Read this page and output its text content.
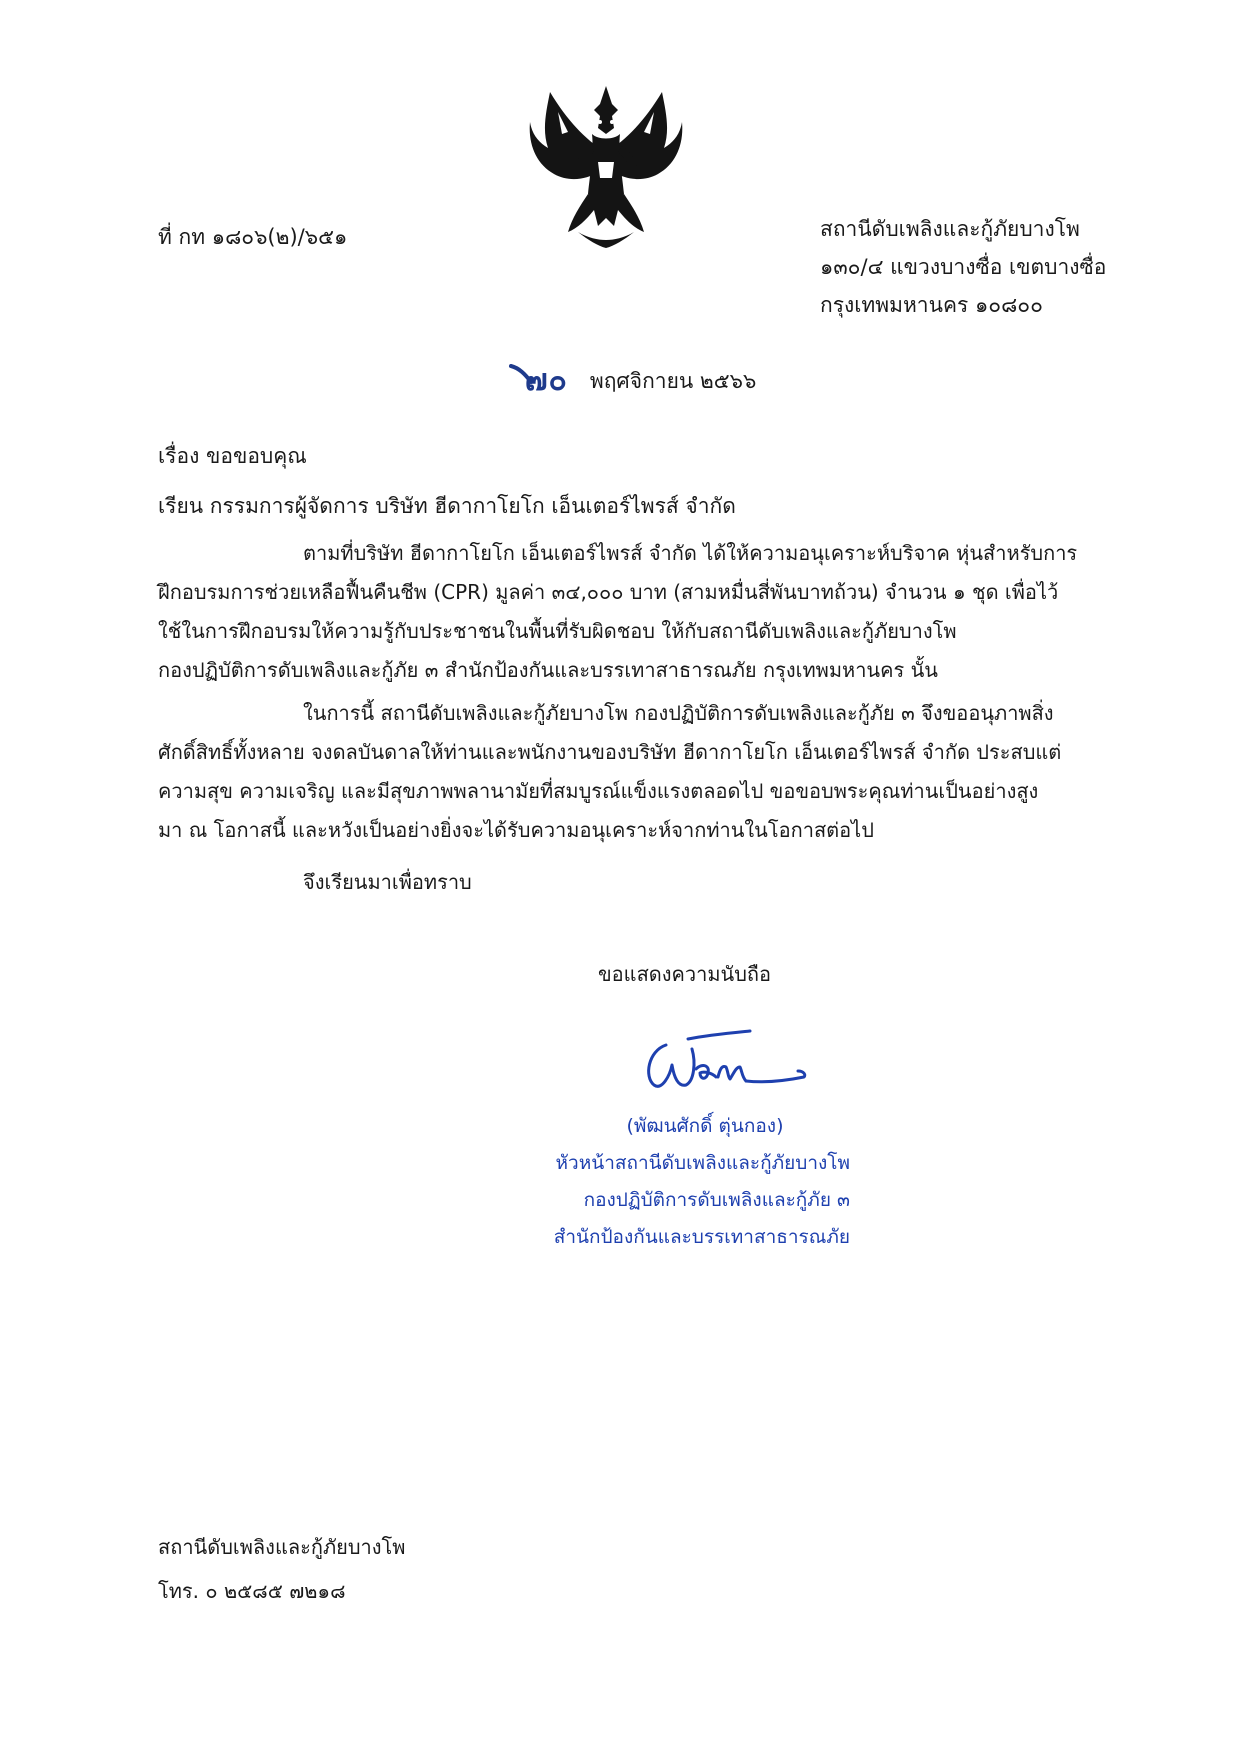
ที่ กท ๑๘๐๖(๒)/๖๕๑	สถานีดับเพลิงและกู้ภัยบางโพ
๑๓๐/๔ แขวงบางซื่อ เขตบางซื่อ
กรุงเทพมหานคร ๑๐๘๐๐
๗๐ พฤศจิกายน ๒๕๖๖
เรื่อง ขอขอบคุณ
เรียน กรรมการผู้จัดการ บริษัท ฮีดากาโยโก เอ็นเตอร์ไพรส์ จำกัด
ตามที่บริษัท ฮีดากาโยโก เอ็นเตอร์ไพรส์ จำกัด ได้ให้ความอนุเคราะห์บริจาค หุ่นสำหรับการ
ฝึกอบรมการช่วยเหลือฟื้นคืนชีพ (CPR) มูลค่า ๓๔,๐๐๐ บาท (สามหมื่นสี่พันบาทถ้วน) จำนวน ๑ ชุด เพื่อไว้
ใช้ในการฝึกอบรมให้ความรู้กับประชาชนในพื้นที่รับผิดชอบ ให้กับสถานีดับเพลิงและกู้ภัยบางโพ
กองปฏิบัติการดับเพลิงและกู้ภัย ๓ สำนักป้องกันและบรรเทาสาธารณภัย กรุงเทพมหานคร นั้น
ในการนี้ สถานีดับเพลิงและกู้ภัยบางโพ กองปฏิบัติการดับเพลิงและกู้ภัย ๓ จึงขออนุภาพสิ่ง
ศักดิ์สิทธิ์ทั้งหลาย จงดลบันดาลให้ท่านและพนักงานของบริษัท ฮีดากาโยโก เอ็นเตอร์ไพรส์ จำกัด ประสบแต่
ความสุข ความเจริญ และมีสุขภาพพลานามัยที่สมบูรณ์แข็งแรงตลอดไป ขอขอบพระคุณท่านเป็นอย่างสูง
มา ณ โอกาสนี้ และหวังเป็นอย่างยิ่งจะได้รับความอนุเคราะห์จากท่านในโอกาสต่อไป
จึงเรียนมาเพื่อทราบ
ขอแสดงความนับถือ
(พัฒนศักดิ์ ตุ่นกอง)
หัวหน้าสถานีดับเพลิงและกู้ภัยบางโพ
กองปฏิบัติการดับเพลิงและกู้ภัย ๓
สำนักป้องกันและบรรเทาสาธารณภัย
สถานีดับเพลิงและกู้ภัยบางโพ
โทร. ๐ ๒๕๘๕ ๗๒๑๘
